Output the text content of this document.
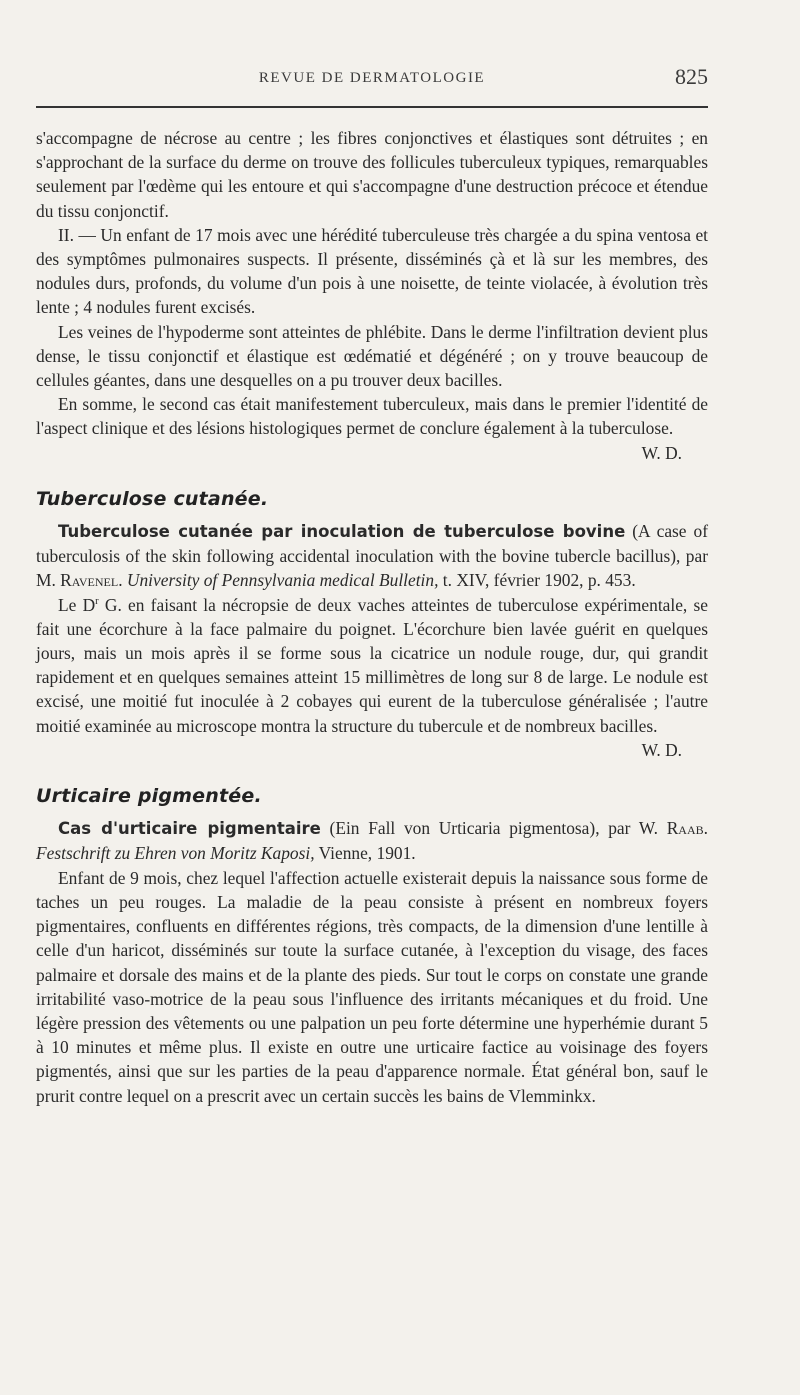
REVUE DE DERMATOLOGIE	825

s'accompagne de nécrose au centre ; les fibres conjonctives et élastiques sont détruites ; en s'approchant de la surface du derme on trouve des follicules tuberculeux typiques, remarquables seulement par l'œdème qui les entoure et qui s'accompagne d'une destruction précoce et étendue du tissu conjonctif.

II. — Un enfant de 17 mois avec une hérédité tuberculeuse très chargée a du spina ventosa et des symptômes pulmonaires suspects. Il présente, disséminés çà et là sur les membres, des nodules durs, profonds, du volume d'un pois à une noisette, de teinte violacée, à évolution très lente ; 4 nodules furent excisés.

Les veines de l'hypoderme sont atteintes de phlébite. Dans le derme l'infiltration devient plus dense, le tissu conjonctif et élastique est œdématié et dégénéré ; on y trouve beaucoup de cellules géantes, dans une desquelles on a pu trouver deux bacilles.

En somme, le second cas était manifestement tuberculeux, mais dans le premier l'identité de l'aspect clinique et des lésions histologiques permet de conclure également à la tuberculose.

W. D.

Tuberculose cutanée.

Tuberculose cutanée par inoculation de tuberculose bovine (A case of tuberculosis of the skin following accidental inoculation with the bovine tubercle bacillus), par M. Ravenel. University of Pennsylvania medical Bulletin, t. XIV, février 1902, p. 453.

Le $D^r$ G. en faisant la nécropsie de deux vaches atteintes de tuberculose expérimentale, se fait une écorchure à la face palmaire du poignet. L'écorchure bien lavée guérit en quelques jours, mais un mois après il se forme sous la cicatrice un nodule rouge, dur, qui grandit rapidement et en quelques semaines atteint 15 millimètres de long sur 8 de large. Le nodule est excisé, une moitié fut inoculée à 2 cobayes qui eurent de la tuberculose généralisée ; l'autre moitié examinée au microscope montra la structure du tubercule et de nombreux bacilles.

W. D.

Urticaire pigmentée.

Cas d'urticaire pigmentaire (Ein Fall von Urticaria pigmentosa), par W. Raab. Festschrift zu Ehren von Moritz Kaposi, Vienne, 1901.

Enfant de 9 mois, chez lequel l'affection actuelle existerait depuis la naissance sous forme de taches un peu rouges. La maladie de la peau consiste à présent en nombreux foyers pigmentaires, confluents en différentes régions, très compacts, de la dimension d'une lentille à celle d'un haricot, disséminés sur toute la surface cutanée, à l'exception du visage, des faces palmaire et dorsale des mains et de la plante des pieds. Sur tout le corps on constate une grande irritabilité vaso-motrice de la peau sous l'influence des irritants mécaniques et du froid. Une légère pression des vêtements ou une palpation un peu forte détermine une hyperhémie durant 5 à 10 minutes et même plus. Il existe en outre une urticaire factice au voisinage des foyers pigmentés, ainsi que sur les parties de la peau d'apparence normale. État général bon, sauf le prurit contre lequel on a prescrit avec un certain succès les bains de Vlemminkx.
